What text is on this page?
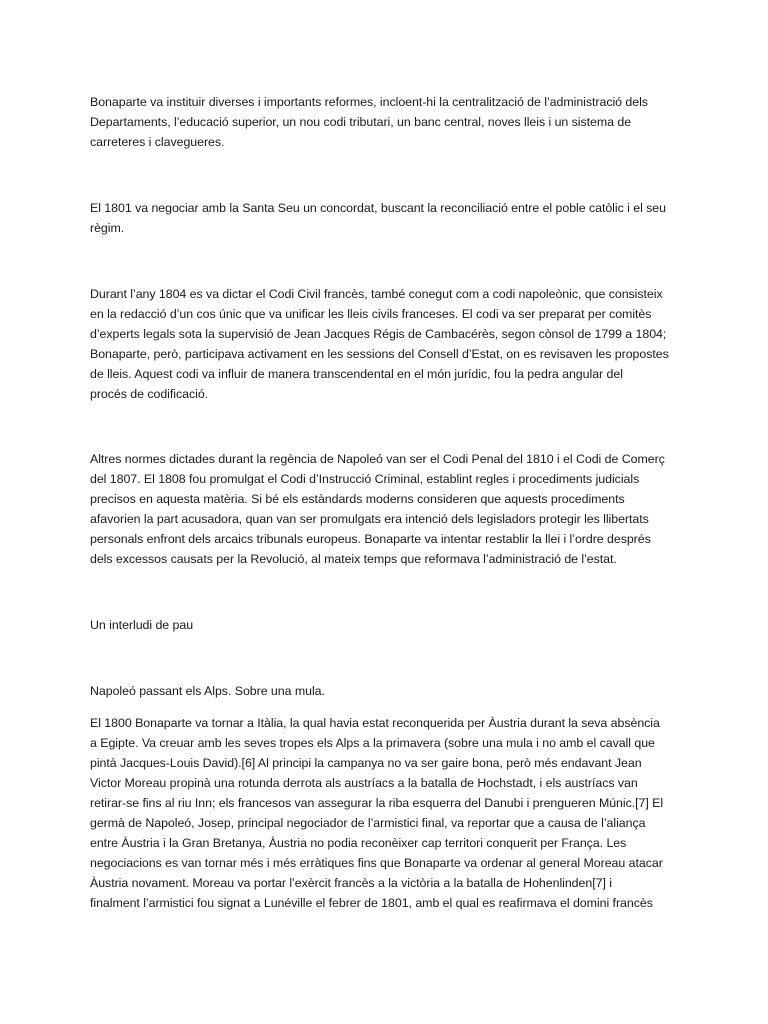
Bonaparte va instituir diverses i importants reformes, incloent-hi la centralització de l’administració dels
Departaments, l’educació superior, un nou codi tributari, un banc central, noves lleis i un sistema de
carreteres i clavegueres.

El 1801 va negociar amb la Santa Seu un concordat, buscant la reconciliació entre el poble catòlic i el seu
règim.

Durant l’any 1804 es va dictar el Codi Civil francès, també conegut com a codi napoleònic, que consisteix
en la redacció d’un cos únic que va unificar les lleis civils franceses. El codi va ser preparat per comitès
d’experts legals sota la supervisió de Jean Jacques Régis de Cambacérès, segon cònsol de 1799 a 1804;
Bonaparte, però, participava activament en les sessions del Consell d’Estat, on es revisaven les propostes
de lleis. Aquest codi va influir de manera transcendental en el món jurídic, fou la pedra angular del
procés de codificació.

Altres normes dictades durant la regència de Napoleó van ser el Codi Penal del 1810 i el Codi de Comerç
del 1807. El 1808 fou promulgat el Codi d’Instrucció Criminal, establint regles i procediments judicials
precisos en aquesta matèria. Si bé els estàndards moderns consideren que aquests procediments
afavorien la part acusadora, quan van ser promulgats era intenció dels legisladors protegir les llibertats
personals enfront dels arcaics tribunals europeus. Bonaparte va intentar restablir la llei i l’ordre després
dels excessos causats per la Revolució, al mateix temps que reformava l’administració de l’estat.

Un interludi de pau

Napoleó passant els Alps. Sobre una mula.

El 1800 Bonaparte va tornar a Itàlia, la qual havia estat reconquerida per Àustria durant la seva absència
a Egipte. Va creuar amb les seves tropes els Alps a la primavera (sobre una mula i no amb el cavall que
pintà Jacques-Louis David).[6] Al principi la campanya no va ser gaire bona, però més endavant Jean
Victor Moreau propinà una rotunda derrota als austríacs a la batalla de Hochstadt, i els austríacs van
retirar-se fins al riu Inn; els francesos van assegurar la riba esquerra del Danubi i prengueren Múnic.[7] El
germà de Napoleó, Josep, principal negociador de l’armistici final, va reportar que a causa de l’aliança
entre Àustria i la Gran Bretanya, Àustria no podia reconèixer cap territori conquerit per França. Les
negociacions es van tornar més i més erràtiques fins que Bonaparte va ordenar al general Moreau atacar
Àustria novament. Moreau va portar l’exèrcit francès a la victòria a la batalla de Hohenlinden[7] i
finalment l’armistici fou signat a Lunéville el febrer de 1801, amb el qual es reafirmava el domini francès
